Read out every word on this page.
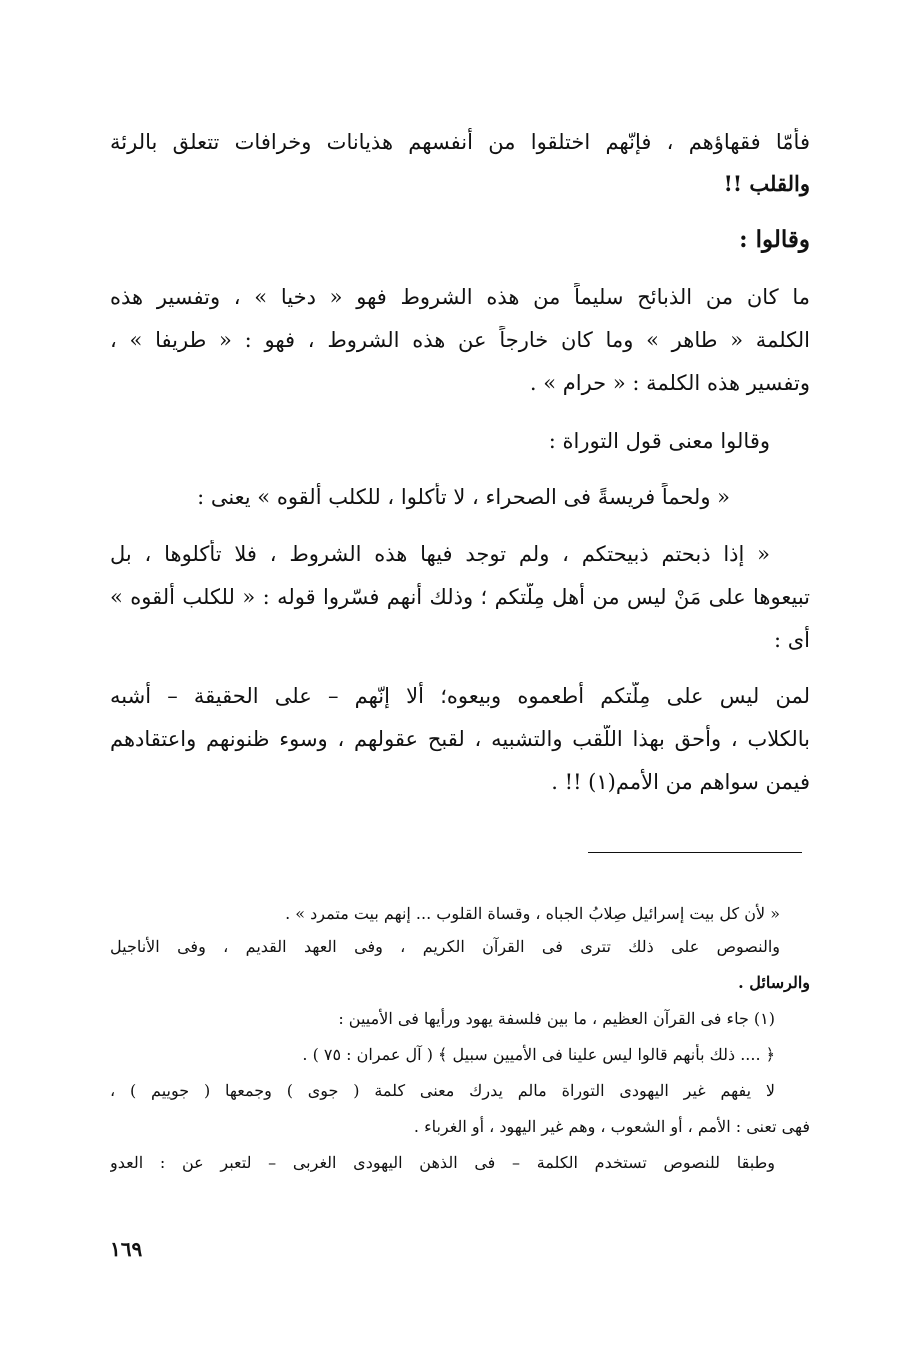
فأمّا فقهاؤهم ، فإنّهم اختلقوا من أنفسهم هذيانات وخرافات تتعلق بالرئة
والقلب !!
وقالوا :
ما كان من الذبائح سليماً من هذه الشروط فهو « دخيا » ، وتفسير هذه
الكلمة « طاهر » وما كان خارجاً عن هذه الشروط ، فهو : « طريفا » ،
وتفسير هذه الكلمة : « حرام » .
وقالوا معنى قول التوراة :
« ولحماً فريسةً فى الصحراء ، لا تأكلوا ، للكلب ألقوه » يعنى :
« إذا ذبحتم ذبيحتكم ، ولم توجد فيها هذه الشروط ، فلا تأكلوها ، بل
تبيعوها على مَنْ ليس من أهل مِلّتكم ؛ وذلك أنهم فسّروا قوله : « للكلب ألقوه »
أى :
لمن ليس على مِلّتكم أطعموه وبيعوه؛ ألا إنّهم – على الحقيقة – أشبه
بالكلاب ، وأحق بهذا اللّقب والتشبيه ، لقبح عقولهم ، وسوء ظنونهم واعتقادهم
فيمن سواهم من الأمم(١) !! .
« لأن كل بيت إسرائيل صِلابُ الجباه ، وقساة القلوب ... إنهم بيت متمرد » .
والنصوص على ذلك تترى فى القرآن الكريم ، وفى العهد القديم ، وفى الأناجيل
والرسائل .
(١) جاء فى القرآن العظيم ، ما بين فلسفة يهود ورأيها فى الأميين :
﴿ .... ذلك بأنهم قالوا ليس علينا فى الأميين سبيل ﴾ ( آل عمران : ٧٥ ) .
لا يفهم غير اليهودى التوراة مالم يدرك معنى كلمة ( جوى ) وجمعها ( جوييم ) ،
فهى تعنى : الأمم ، أو الشعوب ، وهم غير اليهود ، أو الغرباء .
وطبقا للنصوص تستخدم الكلمة – فى الذهن اليهودى الغربى – لتعبر عن : العدو
١٦٩
